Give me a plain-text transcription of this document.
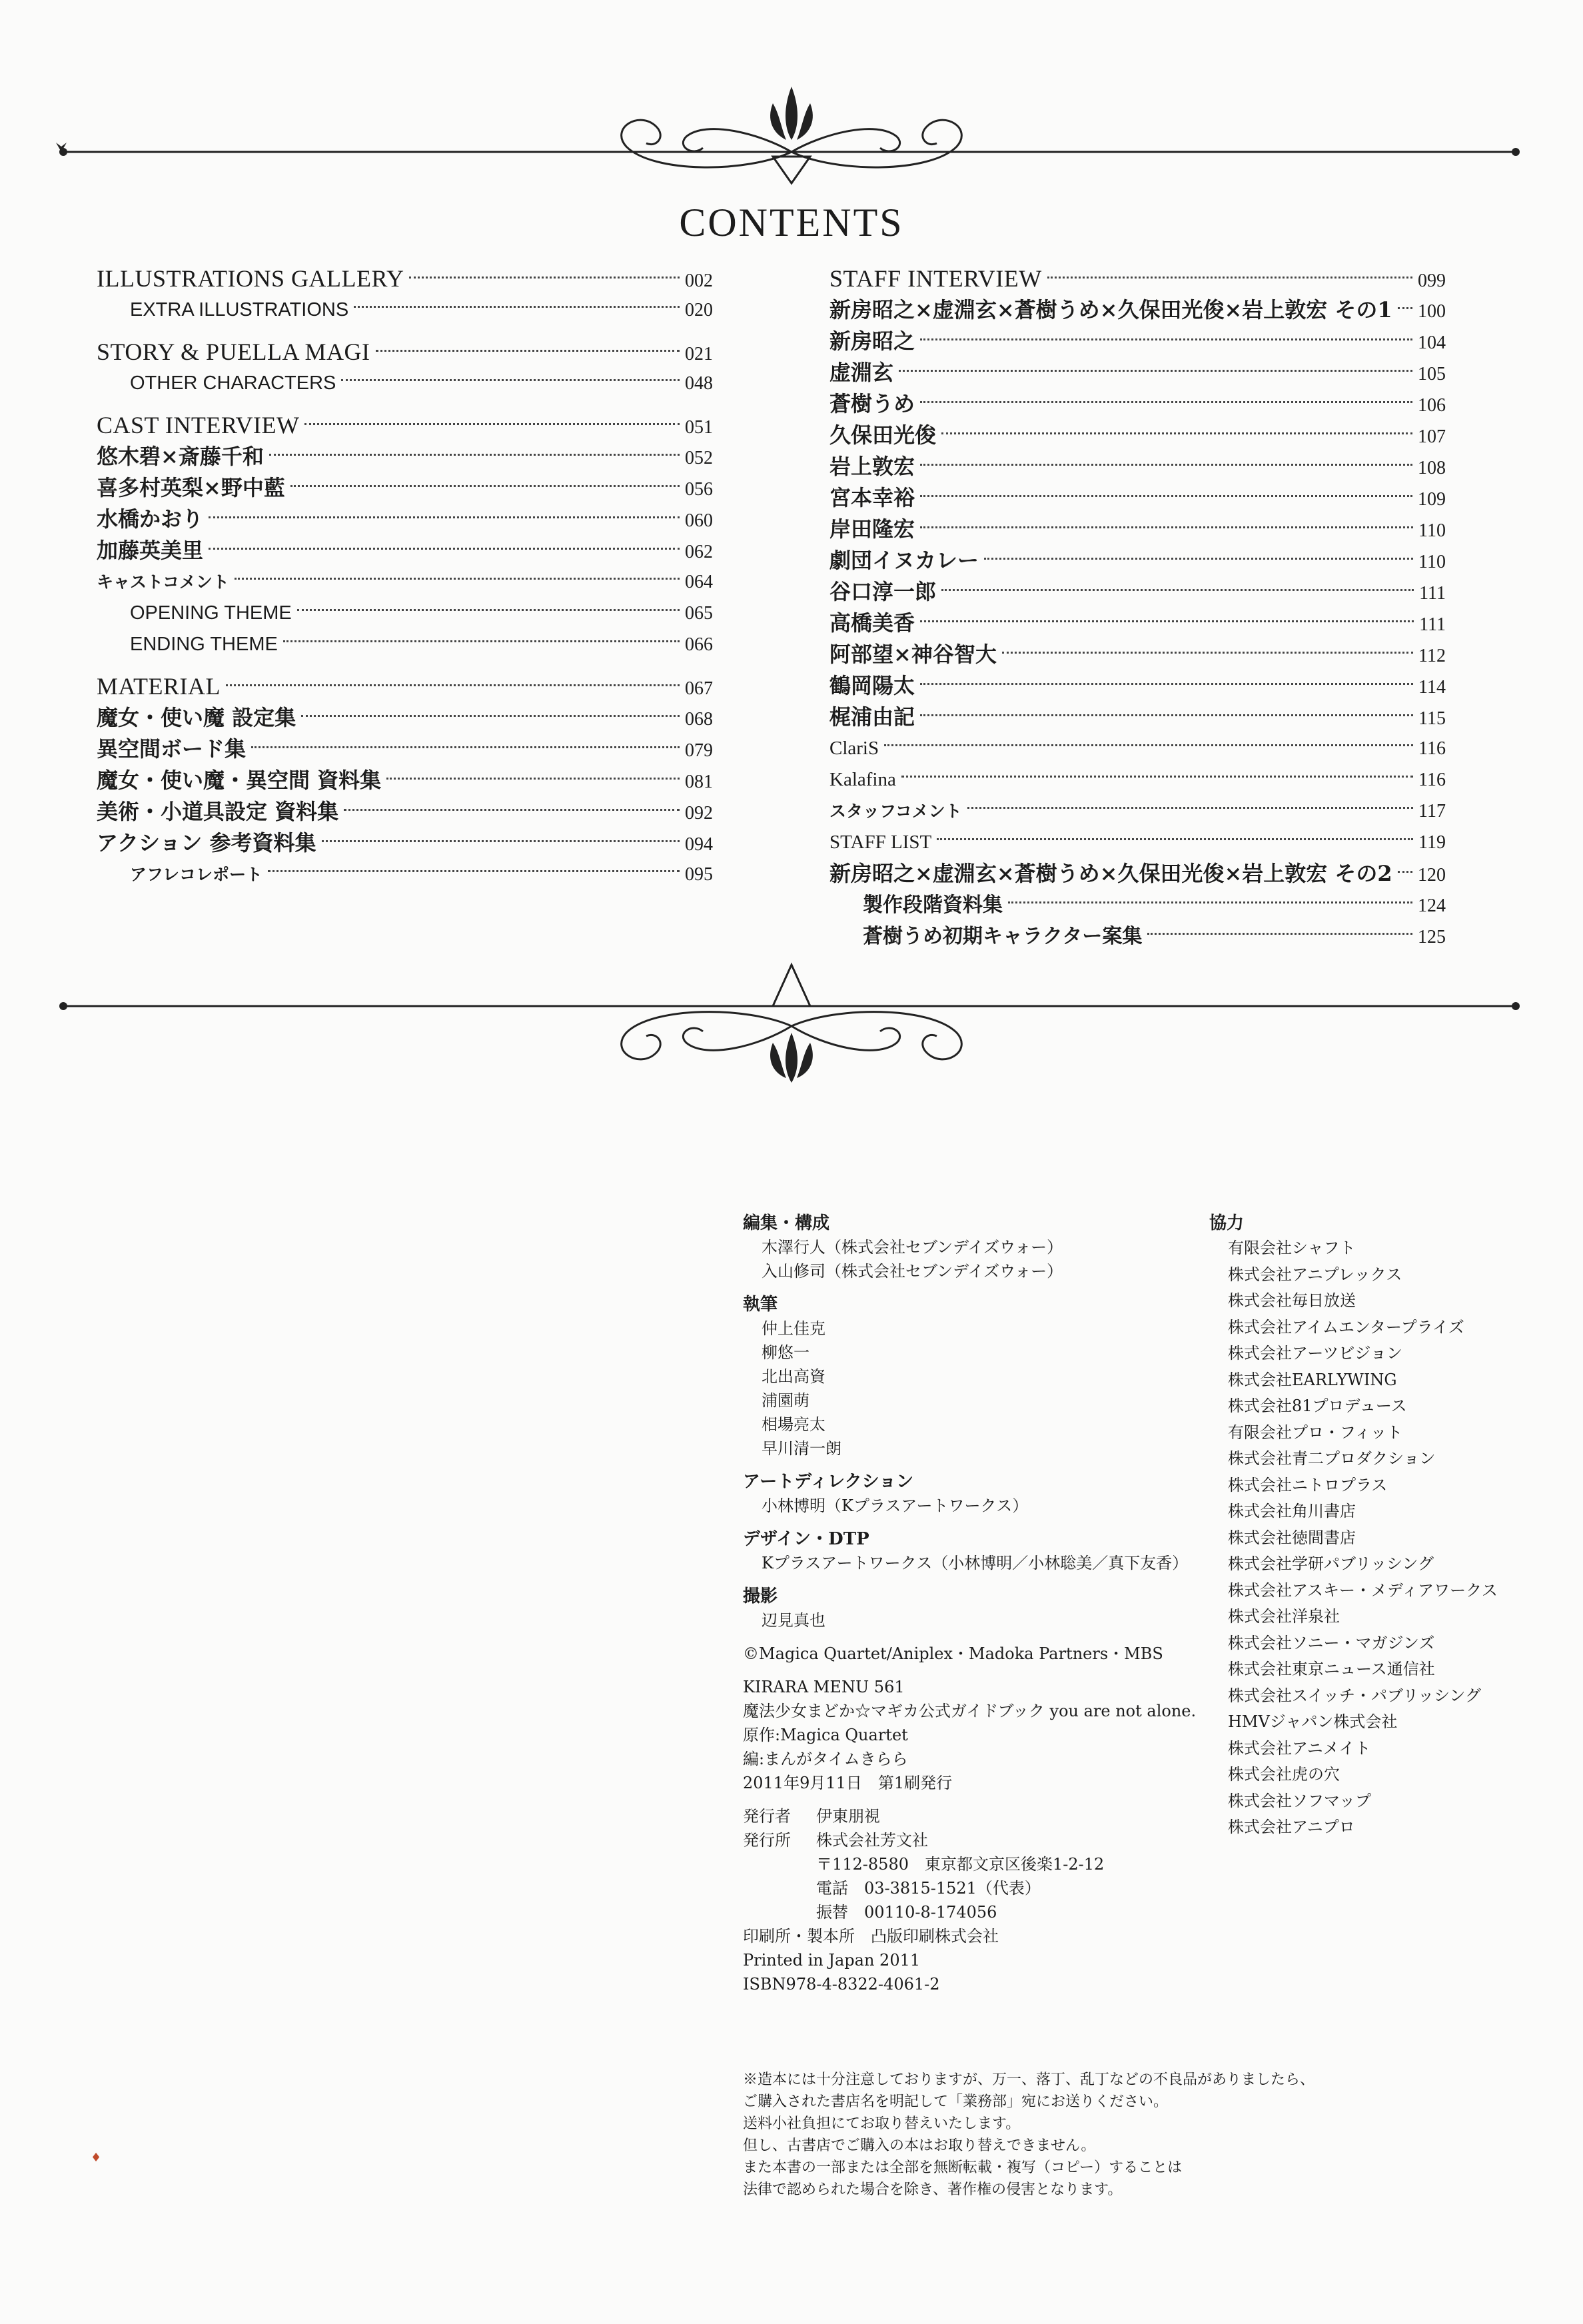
CONTENTS
ILLUSTRATIONS GALLERY	002
EXTRA ILLUSTRATIONS	020
STORY & PUELLA MAGI	021
OTHER CHARACTERS	048
CAST INTERVIEW	051
悠木碧×斎藤千和	052
喜多村英梨×野中藍	056
水橋かおり	060
加藤英美里	062
キャストコメント	064
OPENING THEME	065
ENDING THEME	066
MATERIAL	067
魔女・使い魔 設定集	068
異空間ボード集	079
魔女・使い魔・異空間 資料集	081
美術・小道具設定 資料集	092
アクション 参考資料集	094
アフレコレポート	095
STAFF INTERVIEW	099
新房昭之×虚淵玄×蒼樹うめ×久保田光俊×岩上敦宏 その1 100
新房昭之	104
虚淵玄	105
蒼樹うめ	106
久保田光俊	107
岩上敦宏	108
宮本幸裕	109
岸田隆宏	110
劇団イヌカレー	110
谷口淳一郎	111
高橋美香	111
阿部望×神谷智大	112
鶴岡陽太	114
梶浦由記	115
ClariS	116
Kalafina	116
スタッフコメント	117
STAFF LIST	119
新房昭之×虚淵玄×蒼樹うめ×久保田光俊×岩上敦宏 その2 120
製作段階資料集	124
蒼樹うめ初期キャラクター案集	125
編集・構成
木澤行人（株式会社セブンデイズウォー）
入山修司（株式会社セブンデイズウォー）
執筆
仲上佳克
柳悠一
北出高資
浦園萌
相場亮太
早川清一朗
アートディレクション
小林博明（Kプラスアートワークス）
デザイン・DTP
Kプラスアートワークス（小林博明／小林聡美／真下友香）
撮影
辺見真也
©Magica Quartet/Aniplex・Madoka Partners・MBS
KIRARA MENU 561
魔法少女まどか☆マギカ公式ガイドブック you are not alone.
原作:Magica Quartet
編:まんがタイムきらら
2011年9月11日　第1刷発行
発行者	伊東朋視
発行所	株式会社芳文社
〒112-8580　東京都文京区後楽1-2-12
電話　03-3815-1521（代表）
振替　00110-8-174056
印刷所・製本所 凸版印刷株式会社
Printed in Japan 2011
ISBN978-4-8322-4061-2
協力
有限会社シャフト
株式会社アニプレックス
株式会社毎日放送
株式会社アイムエンタープライズ
株式会社アーツビジョン
株式会社EARLYWING
株式会社81プロデュース
有限会社プロ・フィット
株式会社青二プロダクション
株式会社ニトロプラス
株式会社角川書店
株式会社徳間書店
株式会社学研パブリッシング
株式会社アスキー・メディアワークス
株式会社洋泉社
株式会社ソニー・マガジンズ
株式会社東京ニュース通信社
株式会社スイッチ・パブリッシング
HMVジャパン株式会社
株式会社アニメイト
株式会社虎の穴
株式会社ソフマップ
株式会社アニプロ
※造本には十分注意しておりますが、万一、落丁、乱丁などの不良品がありましたら、
ご購入された書店名を明記して「業務部」宛にお送りください。
送料小社負担にてお取り替えいたします。
但し、古書店でご購入の本はお取り替えできません。
また本書の一部または全部を無断転載・複写（コピー）することは
法律で認められた場合を除き、著作権の侵害となります。
♦
